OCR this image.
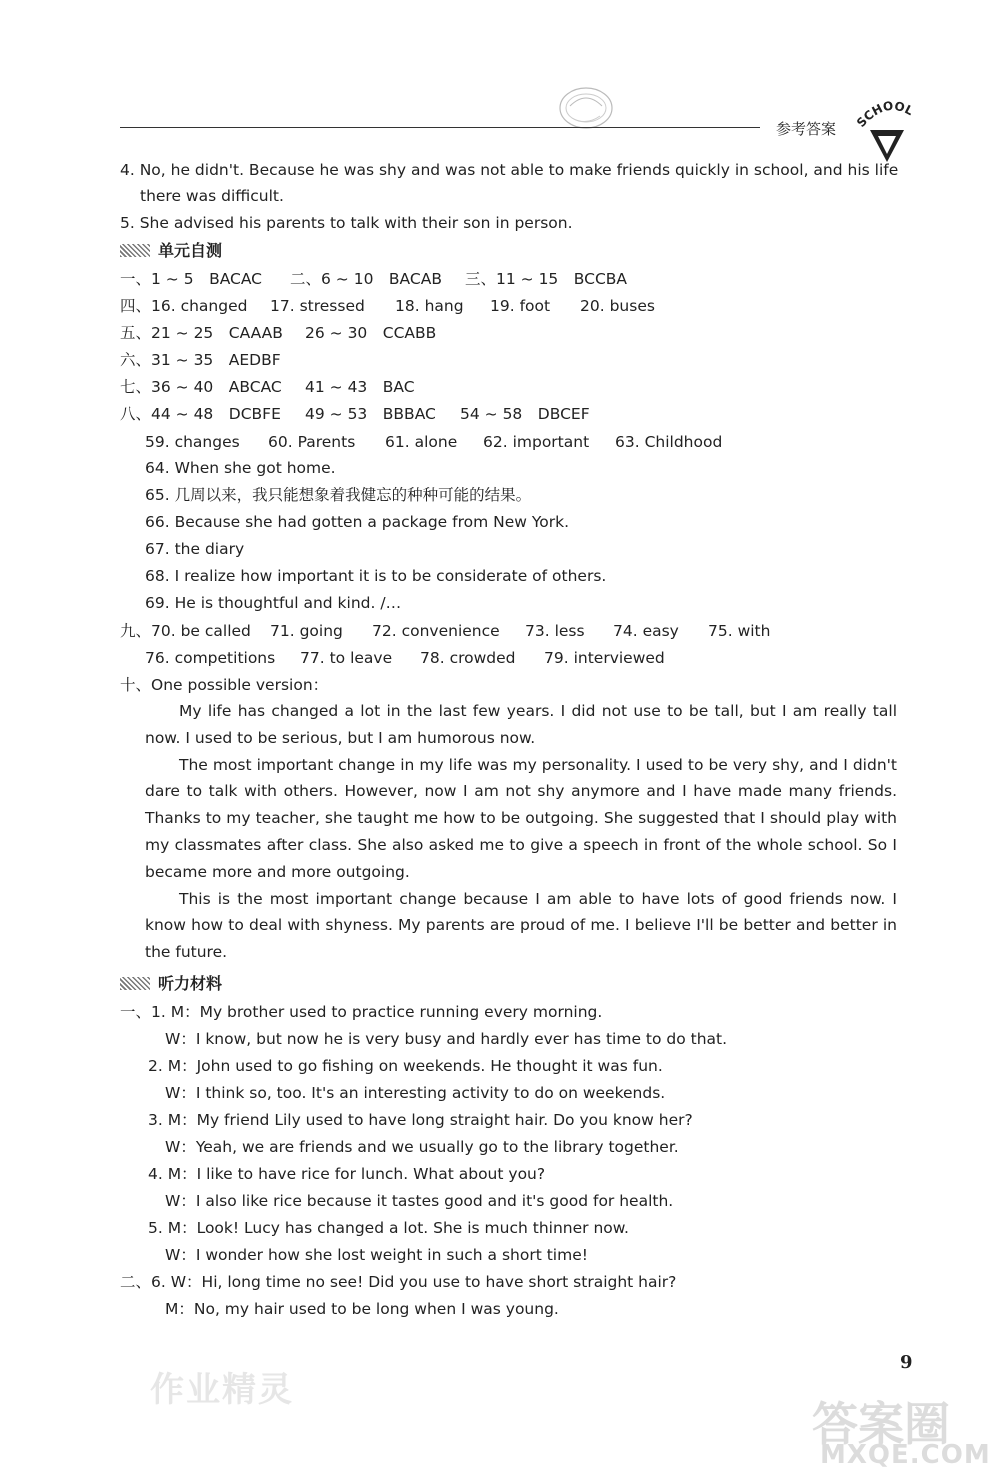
参考答案 SCHOOL
4. No, he didn't. Because he was shy and was not able to make friends quickly in school, and his life
there was difficult.
5. She advised his parents to talk with their son in person.
单元自测
一、1 ~ 5　BACAC 二、6 ~ 10　BACAB 三、11 ~ 15　BCCBA
四、16. changed 17. stressed 18. hang 19. foot 20. buses
五、21 ~ 25　CAAAB 26 ~ 30　CCABB
六、31 ~ 35　AEDBF
七、36 ~ 40　ABCAC 41 ~ 43　BAC
八、44 ~ 48　DCBFE 49 ~ 53　BBBAC 54 ~ 58　DBCEF
59. changes 60. Parents 61. alone 62. important 63. Childhood
64. When she got home.
65. 几周以来，我只能想象着我健忘的种种可能的结果。
66. Because she had gotten a package from New York.
67. the diary
68. I realize how important it is to be considerate of others.
69. He is thoughtful and kind. /…
九、70. be called 71. going 72. convenience 73. less 74. easy 75. with
76. competitions 77. to leave 78. crowded 79. interviewed
十、One possible version：

My life has changed a lot in the last few years. I did not use to be tall, but I am really tall now. I used to be serious, but I am humorous now.

The most important change in my life was my personality. I used to be very shy, and I didn't dare to talk with others. However, now I am not shy anymore and I have made many friends. Thanks to my teacher, she taught me how to be outgoing. She suggested that I should play with my classmates after class. She also asked me to give a speech in front of the whole school. So I became more and more outgoing.

This is the most important change because I am able to have lots of good friends now. I know how to deal with shyness. My parents are proud of me. I believe I'll be better and better in the future.

听力材料
一、1. M：My brother used to practice running every morning.
W：I know, but now he is very busy and hardly ever has time to do that.
2. M：John used to go fishing on weekends. He thought it was fun.
W：I think so, too. It's an interesting activity to do on weekends.
3. M：My friend Lily used to have long straight hair. Do you know her?
W：Yeah, we are friends and we usually go to the library together.
4. M：I like to have rice for lunch. What about you?
W：I also like rice because it tastes good and it's good for health.
5. M：Look! Lucy has changed a lot. She is much thinner now.
W：I wonder how she lost weight in such a short time!
二、6. W：Hi, long time no see! Did you use to have short straight hair?
M：No, my hair used to be long when I was young.
作业精灵
9
答案圈
MXQE.COM
